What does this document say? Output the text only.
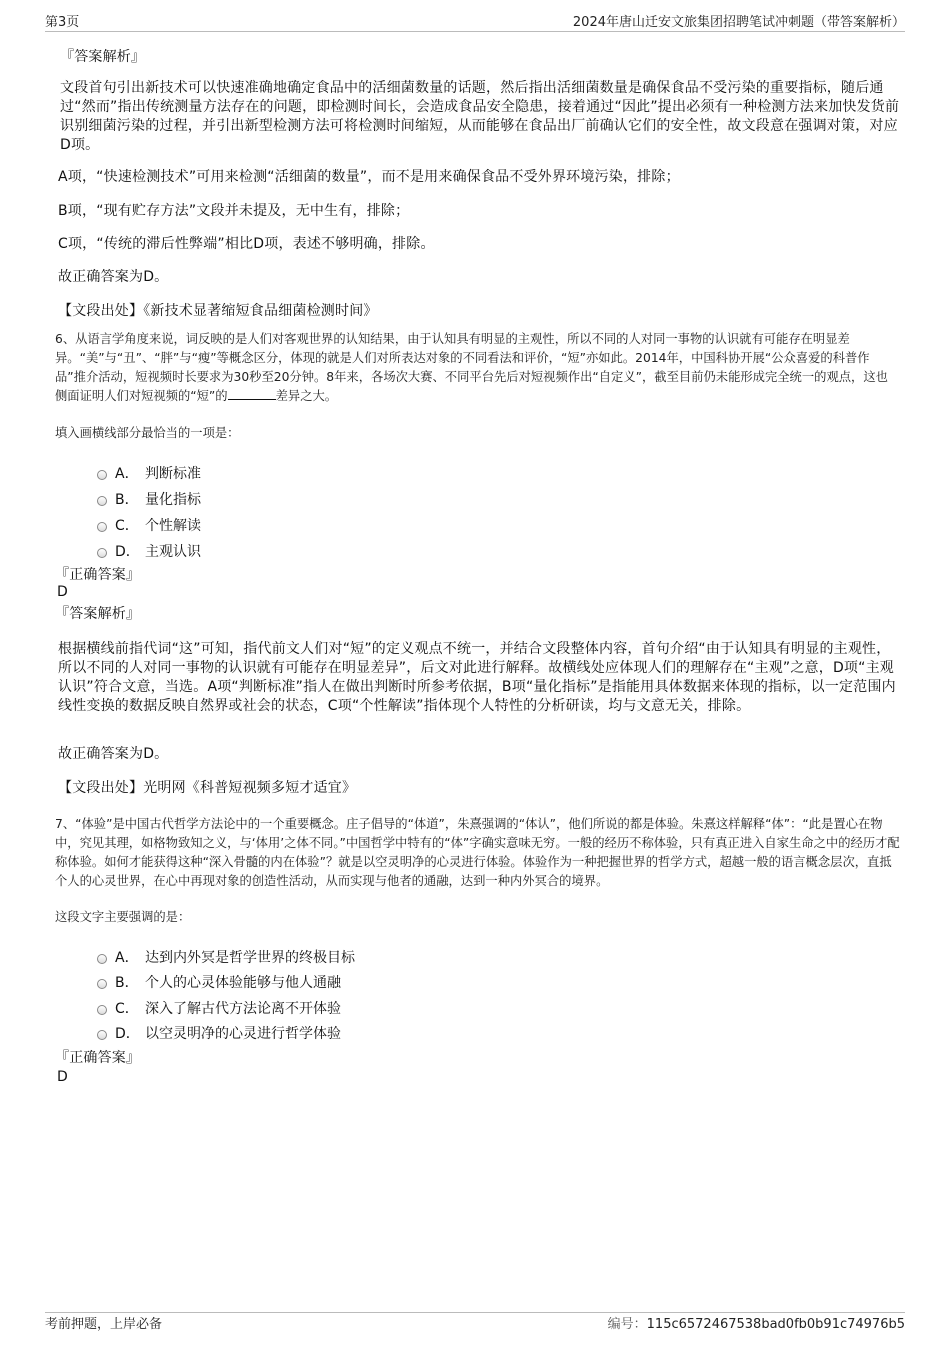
第3页	2024年唐山迁安文旅集团招聘笔试冲刺题（带答案解析）
『答案解析』
文段首句引出新技术可以快速准确地确定食品中的活细菌数量的话题，然后指出活细菌数量是确保食品不受污染的重要指标，随后通过“然而”指出传统测量方法存在的问题，即检测时间长，会造成食品安全隐患，接着通过“因此”提出必须有一种检测方法来加快发货前识别细菌污染的过程，并引出新型检测方法可将检测时间缩短，从而能够在食品出厂前确认它们的安全性，故文段意在强调对策，对应D项。
A项，“快速检测技术”可用来检测“活细菌的数量”，而不是用来确保食品不受外界环境污染，排除；
B项，“现有贮存方法”文段并未提及，无中生有，排除；
C项，“传统的滞后性弊端”相比D项，表述不够明确，排除。
故正确答案为D。
【文段出处】《新技术显著缩短食品细菌检测时间》
6、从语言学角度来说，词反映的是人们对客观世界的认知结果，由于认知具有明显的主观性，所以不同的人对同一事物的认识就有可能存在明显差异。“美”与“丑”、“胖”与“瘦”等概念区分，体现的就是人们对所表达对象的不同看法和评价，“短”亦如此。2014年，中国科协开展“公众喜爱的科普作品”推介活动，短视频时长要求为30秒至20分钟。8年来，各场次大赛、不同平台先后对短视频作出“自定义”，截至目前仍未能形成完全统一的观点，这也侧面证明人们对短视频的“短”的	差异之大。
填入画横线部分最恰当的一项是：
A． 判断标准
B． 量化指标
C． 个性解读
D． 主观认识
『正确答案』
D
『答案解析』
根据横线前指代词“这”可知，指代前文人们对“短”的定义观点不统一，并结合文段整体内容，首句介绍“由于认知具有明显的主观性，所以不同的人对同一事物的认识就有可能存在明显差异”，后文对此进行解释。故横线处应体现人们的理解存在“主观”之意，D项“主观认识”符合文意，当选。A项“判断标准”指人在做出判断时所参考依据，B项“量化指标”是指能用具体数据来体现的指标，以一定范围内线性变换的数据反映自然界或社会的状态，C项“个性解读”指体现个人特性的分析研读，均与文意无关，排除。
故正确答案为D。
【文段出处】光明网《科普短视频多短才适宜》
7、“体验”是中国古代哲学方法论中的一个重要概念。庄子倡导的“体道”，朱熹强调的“体认”，他们所说的都是体验。朱熹这样解释“体”：“此是置心在物中，究见其理，如格物致知之义，与‘体用’之体不同。”中国哲学中特有的“体”字确实意味无穷。一般的经历不称体验，只有真正进入自家生命之中的经历才配称体验。如何才能获得这种“深入骨髓的内在体验”？就是以空灵明净的心灵进行体验。体验作为一种把握世界的哲学方式，超越一般的语言概念层次，直抵个人的心灵世界，在心中再现对象的创造性活动，从而实现与他者的通融，达到一种内外冥合的境界。
这段文字主要强调的是：
A． 达到内外冥是哲学世界的终极目标
B． 个人的心灵体验能够与他人通融
C． 深入了解古代方法论离不开体验
D． 以空灵明净的心灵进行哲学体验
『正确答案』
D
考前押题，上岸必备	编号：115c6572467538bad0fb0b91c74976b5
